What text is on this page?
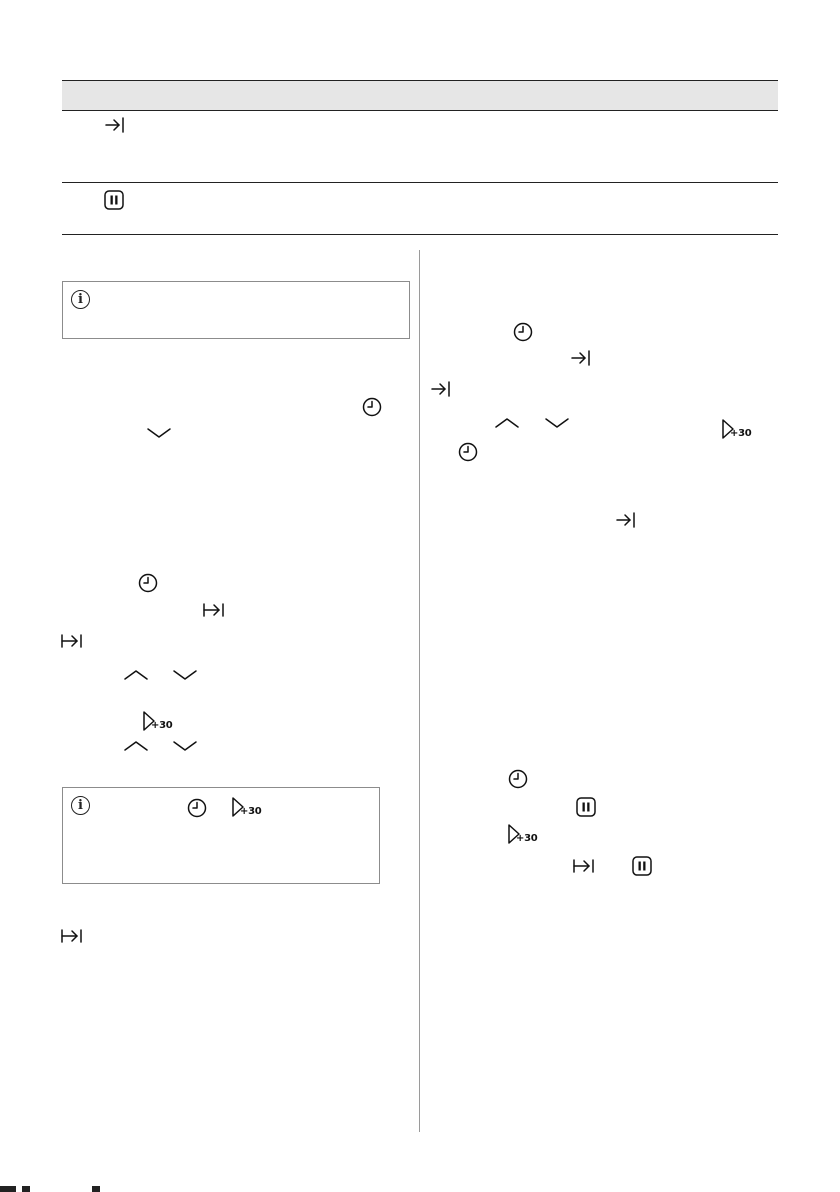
i
+30
i	+30
+30
+30
